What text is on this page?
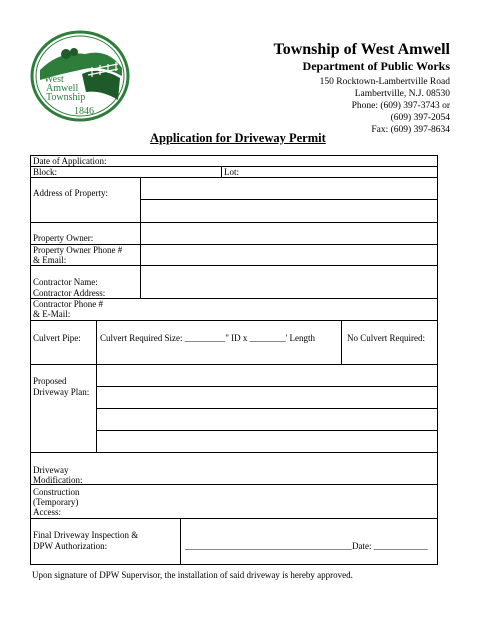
West
Amwell
Township
1846
Township of West Amwell
Department of Public Works
150 Rocktown-Lambertville Road
Lambertville, N.J. 08530
Phone: (609) 397-3743 or
(609) 397-2054
Fax: (609) 397-8634
Application for Driveway Permit
Date of Application:
Block:	Lot:
Address of Property:
Property Owner:
Property Owner Phone #
& Email:
Contractor Name:
Contractor Address:
Contractor Phone #
& E-Mail:
Culvert Pipe: Culvert Required Size: _________" ID x ________' Length	No Culvert Required:
Proposed
Driveway Plan:
Driveway
Modification:
Construction
(Temporary)
Access:
Final Driveway Inspection &
DPW Authorization:	_____________________________________ Date: ____________
Upon signature of DPW Supervisor, the installation of said driveway is hereby approved.
